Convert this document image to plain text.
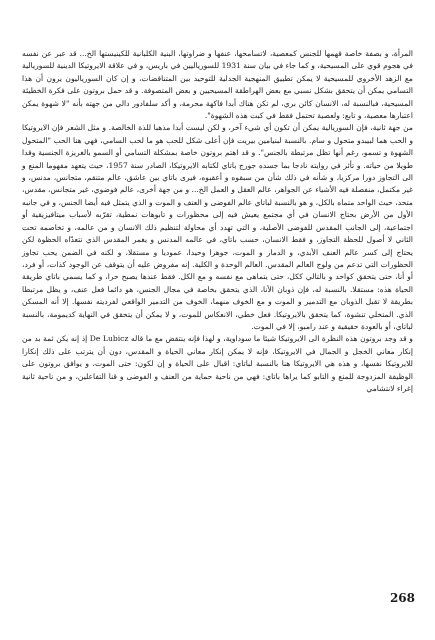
المرأة، و بصفة خاصة قهمها للجنس كمعصية، لاتسامحها، عنفها و ضراوتها، البنية الكلبانية للكينيستها الخ... قد عبر عن نفسه في هجوم قوي على المسيحية، و كما جاء في بيان سنة 1931 للسورياليين في باريس، و في علاقة الايروتيكا الدينية للسوريالية مع الزهد الأخروي للمسيحية لا يمكن تطبيق المنهجية الجدلية للتوحيد بين المتناقضات، و إن كان السورياليون يرون أن هذا التسامي يمكن أن يتحقق بشكل نسبي مع بعض الهراطقة المسيحيين و بعض المتصوفة. و قد حمل بروتون على فكرة الخطيئة المسيحية، فبالنسبة له، الانسان كائن بري، لم تكن هناك أبدا فاكهة محرمة، و أكد سلفادور دالي من جهته بأنه "لا شهوة يمكن اعتبارها معصية، و تابع: ولعصية تحتمل فقط في كبت هذه الشهوة".

من جهة ثانية، فإن السوريالية يمكن أن تكون أي شيء آخر، و لكن ليست أبدا مذهبا للذة الخالصة. و مثل الشعر فإن الايروتيكا و الحب هما لبيبدو متحول و سام. بالنسبة لبنيامين بيريت فإن أعلى شكل للحب هو ما لحب السامي، فهي هنا الحب "المتحول الشهوة و تسمو، رغم أنها تظل مرتبطة بالجنس". و قد اهتم بروتون خاصة بمشكلة التسامي أو السمو بالغريزة الجنسية وقدا طويلا من حياته. و تأثر في روايته نادجا بما جسده جورج باتاي لكتابه الايروتيكا، الصادر سنة 1957، حيث يتعهد مفهوما المنع و الى التجاوز دورا مركزيا، و شأنه في ذلك شأن من سبقوه و أعقبوه، فيرى باتاي بين عاشق، عالم متنقم، متجانس، مدنس، و غير مكتمل، منفصلة فيه الأشياء عن الجواهر، عالم العقل و العمل الخ... و من جهة أخرى، عالم فوضوي، غير متجانس، مقدس، متحد، حيث الواحد متماه بالكل، و هو بالنسبة لباتاي عالم الفوضى و العنف و الموت و الذي يتمثل فيه أيضا الجنس، و في جانبه الأول من الأرض بحتاج الانسان في أي مجتمع يعيش فيه إلى محظورات و تابوهات نمطية، تقرّبه لأسباب ميتافيزيقية أو اجتماعية، إلى الجانب المقدس للفوضى الأصلية، و التي تهدد أي محاولة لتنظيم ذلك الانسان و من عالمه، و تخاصمه تحت الثاني لا أصول للحظة التجاوز، و فقط الانسان، حسب باتاي، في عالمه المدنس و يغمر المقدس الذي تتعدّاه الحظوة لكن يحتاج إلى كسر عالم العنف الأبدي، و الدمار و الموت، جوهرا وحيدا، عموديا و مستقلا، و لكنه في الضمن يحب تجاوز الحظورات التي تدعم من ولوج العالم المقدس. العالم الوحدة و الكلية. إنه مفروض عليه أن يتوقف عن الوجود كذات، أو فرد، أو أنا، حتى يتحقق كواحد و بالتالي ككل، حتى يتماهى مع نفسه و مع الكل. فقط عندها يصبح حرا، و كما يسمي باتاي طريقة الحياة هذه: مستقلا. بالنسبة له، فإن ذوبان الأنا، الذي يتحقق بخاصة في مجال الجنس، هو دائما فعل عنف، و يظل مرتبطا بطريقة لا تقبل الذوبان مع التدمير و الموت و مع الخوف منهما، الخوف من التدمير الواقعي لفرديته نفسها. إلا أنه المسكن الذي. المتخلي تنشوة، كما يتحقق بالايروتيكا. فعل خطي، الانعكاس للموت، و لا يمكن أن يتحقق في النهاية كديمومة، بالنسبة لباتاي، أو بالعودة حقيقية و عند رامبو، إلا في الموت.

و قد وجد بروتون هذه النظرة الى الايروتيكا شيئا ما سوداوية، و لهذا فإنه ينتقض مع ما قاله De Lubicz إذ إنه يكن ثمة بد من إنكار معاني الخجل و الجمال في الايروتيكا، فإنه لا يمكن إنكار معاني الحياة و المقدس، دون أن يترتب على ذلك إنكارا للايروتيكا نفسها، و هذه هي الايروتيكا هنا بالنسبة لباتاي: اقبال على الحياة و إن لكون: حتى الموت، و يوافق بروتون على الوظيفة المزدوجة للمنع و التابو كما يراها باتاي: فهي من ناحية حماية من العنف و الفوضى و قنا التفاعلين، و من ناحية ثانية إغراء لانتشامي

268
